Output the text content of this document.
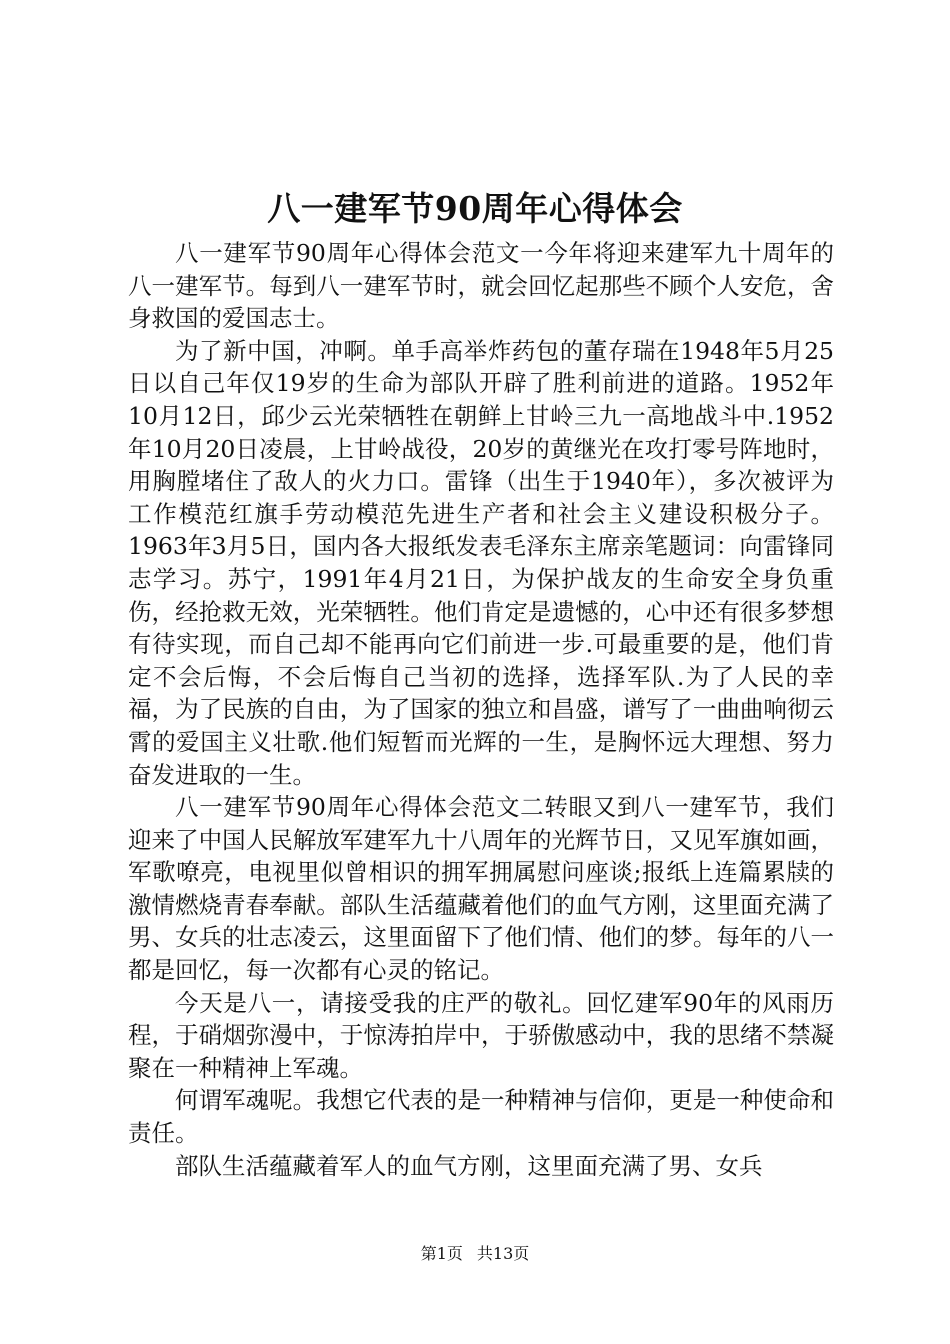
八一建军节90周年心得体会

八一建军节90周年心得体会范文一今年将迎来建军九十周年的八一建军节。每到八一建军节时，就会回忆起那些不顾个人安危，舍身救国的爱国志士。

为了新中国，冲啊。单手高举炸药包的董存瑞在1948年5月25日以自己年仅19岁的生命为部队开辟了胜利前进的道路。1952年10月12日，邱少云光荣牺牲在朝鲜上甘岭三九一高地战斗中.1952年10月20日凌晨，上甘岭战役，20岁的黄继光在攻打零号阵地时，用胸膛堵住了敌人的火力口。雷锋（出生于1940年），多次被评为工作模范红旗手劳动模范先进生产者和社会主义建设积极分子。1963年3月5日，国内各大报纸发表毛泽东主席亲笔题词：向雷锋同志学习。苏宁，1991年4月21日，为保护战友的生命安全身负重伤，经抢救无效，光荣牺牲。他们肯定是遗憾的，心中还有很多梦想有待实现，而自己却不能再向它们前进一步.可最重要的是，他们肯定不会后悔，不会后悔自己当初的选择，选择军队.为了人民的幸福，为了民族的自由，为了国家的独立和昌盛，谱写了一曲曲响彻云霄的爱国主义壮歌.他们短暂而光辉的一生，是胸怀远大理想、努力奋发进取的一生。

八一建军节90周年心得体会范文二转眼又到八一建军节，我们迎来了中国人民解放军建军九十八周年的光辉节日，又见军旗如画，军歌嘹亮，电视里似曾相识的拥军拥属慰问座谈;报纸上连篇累牍的激情燃烧青春奉献。部队生活蕴藏着他们的血气方刚，这里面充满了男、女兵的壮志凌云，这里面留下了他们情、他们的梦。每年的八一都是回忆，每一次都有心灵的铭记。

今天是八一，请接受我的庄严的敬礼。回忆建军90年的风雨历程，于硝烟弥漫中，于惊涛拍岸中，于骄傲感动中，我的思绪不禁凝聚在一种精神上军魂。

何谓军魂呢。我想它代表的是一种精神与信仰，更是一种使命和责任。

部队生活蕴藏着军人的血气方刚，这里面充满了男、女兵

第1页 共13页
